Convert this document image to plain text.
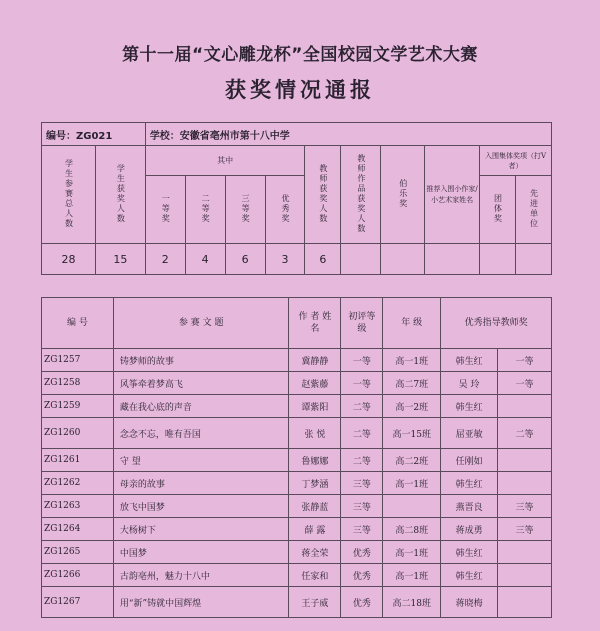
第十一届“文心雕龙杯”全国校园文学艺术大赛
获奖情况通报
编号：ZG021		学校：安徽省亳州市第十八中学									
学生参赛总人数	学生获奖人数	其中				教师获奖人数	教师作品获奖人数	伯乐奖	推荐入围小作家/小艺术家姓名	入围集体奖项（打V者）	
		一等奖	二等奖	三等奖	优秀奖					团体奖	先进单位
28	15	2	4	6	3	6					
编 号	参 赛 文 题	作 者 姓 名	初评等级	年 级	优秀指导教师奖	
ZG1257	铸梦师的故事	冀静静	一等	高一1班	韩生红	一等
ZG1258	风筝牵着梦高飞	赵紫藤	一等	高二7班	吴 玲	一等
ZG1259	藏在我心底的声音	谭紫阳	二等	高一2班	韩生红	
ZG1260	念念不忘，唯有吾国	张 悦	二等	高一15班	屈亚敏	二等
ZG1261	守 望	鲁娜娜	二等	高二2班	任刚如	
ZG1262	母亲的故事	丁梦涵	三等	高一1班	韩生红	
ZG1263	放飞中国梦	张静蓝	三等		燕晋良	三等
ZG1264	大杨树下	薛 露	三等	高二8班	蒋成勇	三等
ZG1265	中国梦	蒋全荣	优秀	高一1班	韩生红	
ZG1266	古韵亳州，魅力十八中	任家和	优秀	高一1班	韩生红	
ZG1267	用“新”铸就中国辉煌	王子威	优秀	高二18班	蒋晓梅	
